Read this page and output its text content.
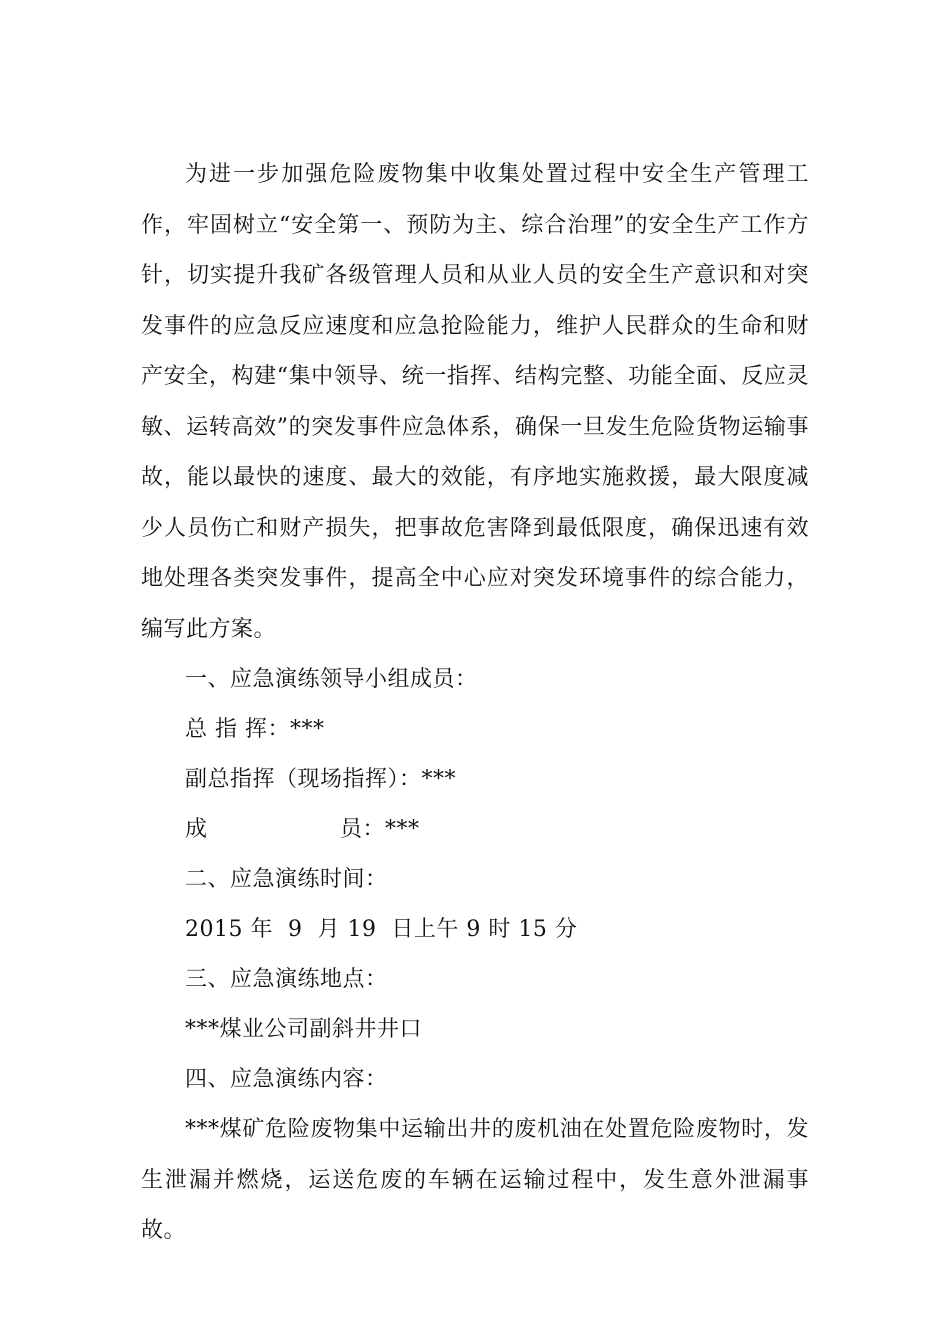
为进一步加强危险废物集中收集处置过程中安全生产管理工作，牢固树立“安全第一、预防为主、综合治理”的安全生产工作方针，切实提升我矿各级管理人员和从业人员的安全生产意识和对突发事件的应急反应速度和应急抢险能力，维护人民群众的生命和财产安全，构建“集中领导、统一指挥、结构完整、功能全面、反应灵敏、运转高效”的突发事件应急体系，确保一旦发生危险货物运输事故，能以最快的速度、最大的效能，有序地实施救援，最大限度减少人员伤亡和财产损失，把事故危害降到最低限度，确保迅速有效地处理各类突发事件，提高全中心应对突发环境事件的综合能力，编写此方案。

一、应急演练领导小组成员：

总 指 挥：***

副总指挥（现场指挥）：***

成	员：***

二、应急演练时间：

2015 年  9  月 19  日上午 9 时 15 分

三、应急演练地点：

***煤业公司副斜井井口

四、应急演练内容：

***煤矿危险废物集中运输出井的废机油在处置危险废物时，发生泄漏并燃烧，运送危废的车辆在运输过程中，发生意外泄漏事故。
